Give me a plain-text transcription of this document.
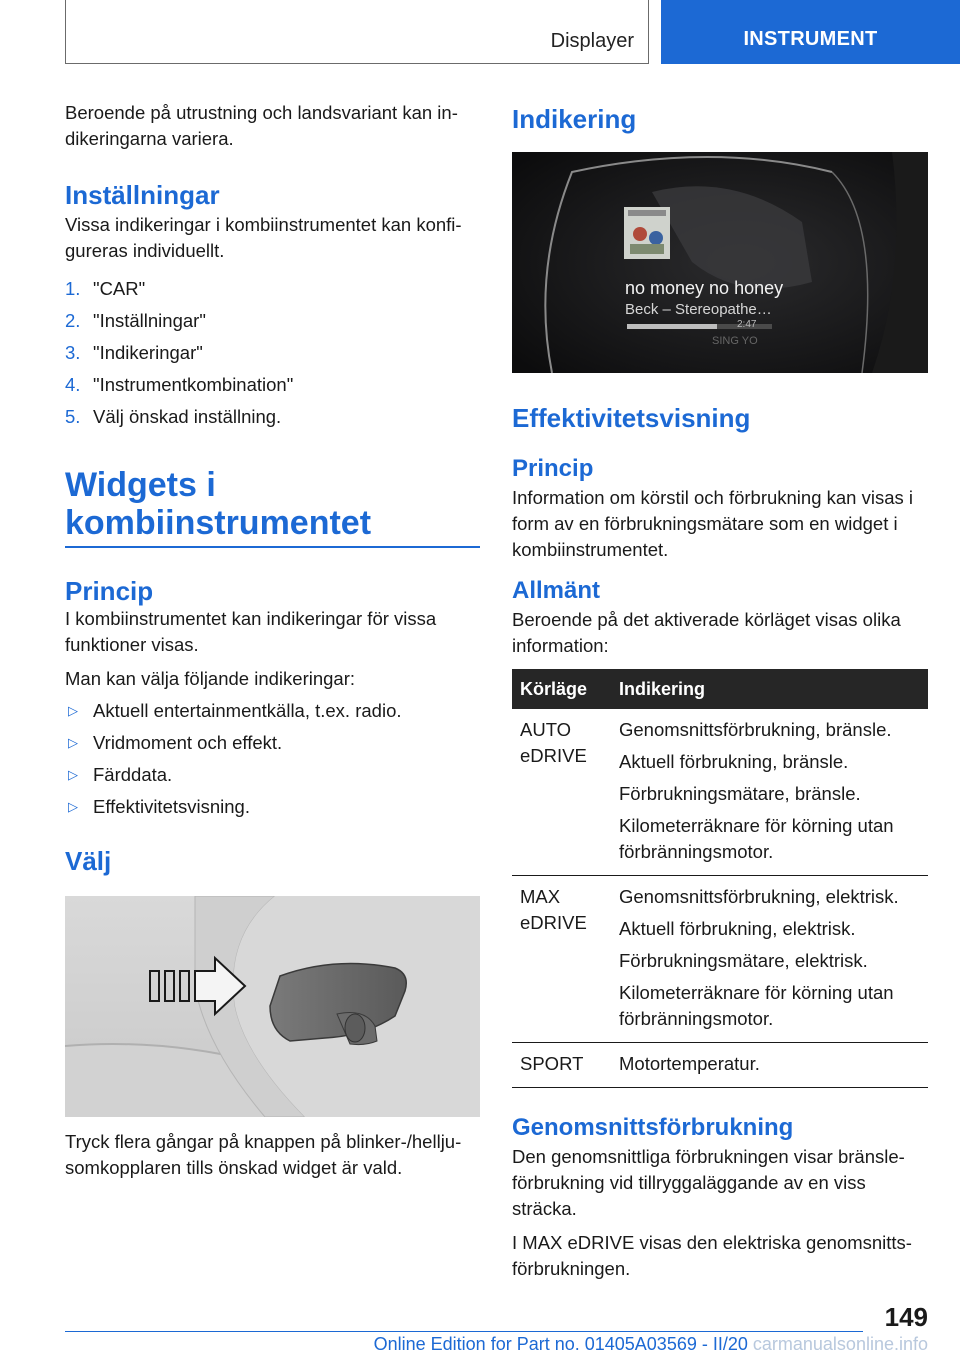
Displayer	INSTRUMENT

Beroende på utrustning och landsvariant kan indikeringarna variera.

Inställningar

Vissa indikeringar i kombiinstrumentet kan konfigureras individuellt.

1. "CAR"
2. "Inställningar"
3. "Indikeringar"
4. "Instrumentkombination"
5. Välj önskad inställning.
Widgets i kombiinstrumentet
Princip

I kombiinstrumentet kan indikeringar för vissa funktioner visas.

Man kan välja följande indikeringar:

▷ Aktuell entertainmentkälla, t.ex. radio.
▷ Vridmoment och effekt.
▷ Färddata.
▷ Effektivitetsvisning.
Välj

Tryck flera gångar på knappen på blinker-/helljusomkopplaren tills önskad widget är vald.

Indikering
no money no honey
Beck – Stereopathe…
2:47
SING YO
Effektivitetsvisning
Princip

Information om körstil och förbrukning kan visas i form av en förbrukningsmätare som en widget i kombiinstrumentet.

Allmänt

Beroende på det aktiverade körläget visas olika information:

Körläge	Indikering
AUTO eDRIVE	Genomsnittsförbrukning, bränsle.
Aktuell förbrukning, bränsle.
Förbrukningsmätare, bränsle.
Kilometerräknare för körning utan förbränningsmotor.

MAX eDRIVE	Genomsnittsförbrukning, elektrisk.
Aktuell förbrukning, elektrisk.
Förbrukningsmätare, elektrisk.
Kilometerräknare för körning utan förbränningsmotor.

SPORT	Motortemperatur.
Genomsnittsförbrukning

Den genomsnittliga förbrukningen visar bränsleförbrukning vid tillryggaläggande av en viss sträcka.

I MAX eDRIVE visas den elektriska genomsnittsförbrukningen.

149
Online Edition for Part no. 01405A03569 - II/20 carmanualsonline.info
